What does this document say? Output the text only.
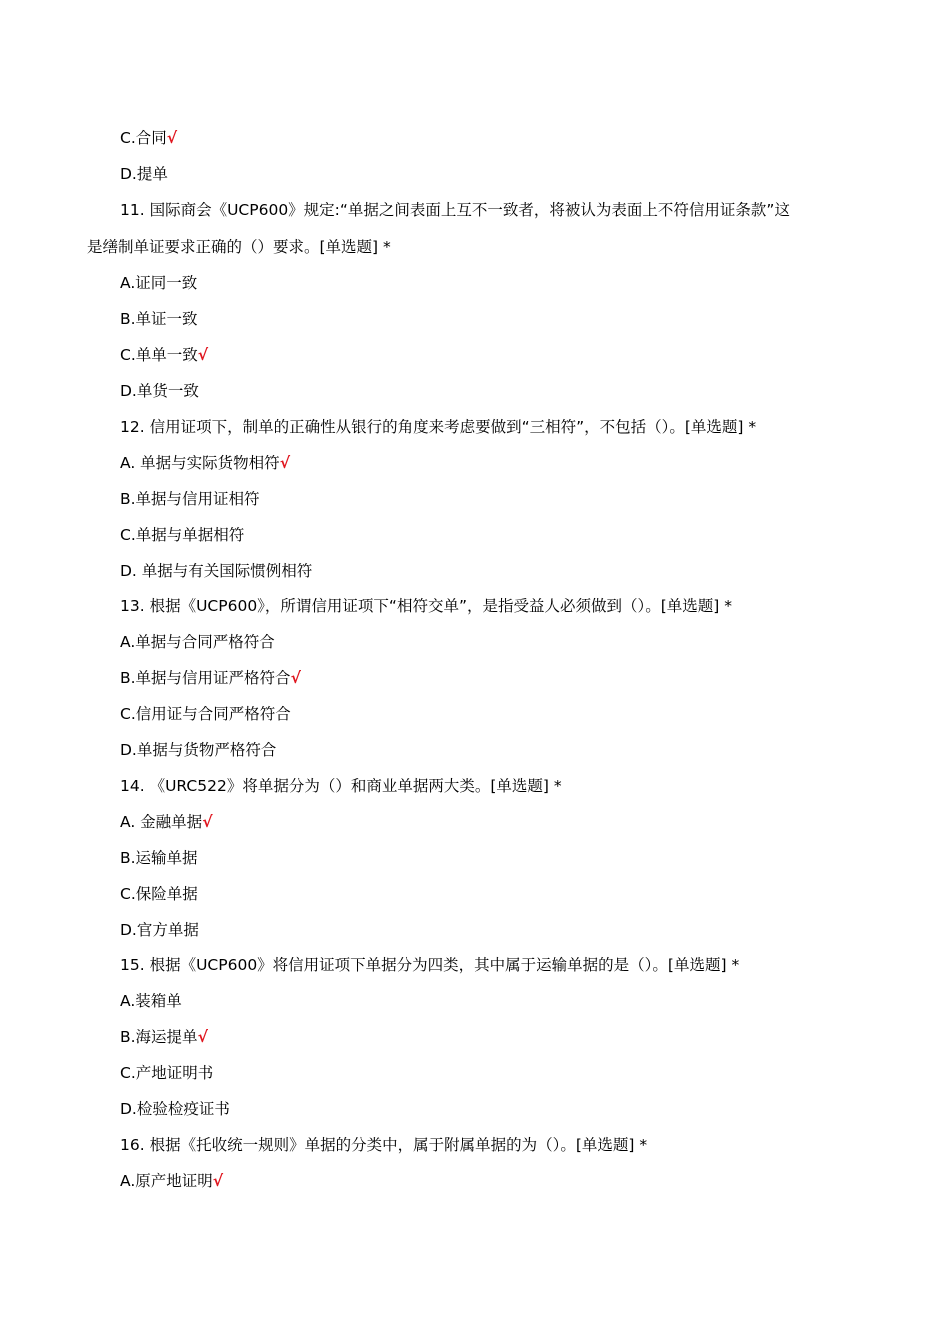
C.合同√
D.提单
11. 国际商会《UCP600》规定:“单据之间表面上互不一致者，将被认为表面上不符信用证条款”这
是缮制单证要求正确的（）要求。[单选题] *
A.证同一致
B.单证一致
C.单单一致√
D.单货一致
12. 信用证项下，制单的正确性从银行的角度来考虑要做到“三相符”，不包括（）。[单选题] *
A. 单据与实际货物相符√
B.单据与信用证相符
C.单据与单据相符
D. 单据与有关国际惯例相符
13. 根据《UCP600》，所谓信用证项下“相符交单”，是指受益人必须做到（）。[单选题] *
A.单据与合同严格符合
B.单据与信用证严格符合√
C.信用证与合同严格符合
D.单据与货物严格符合
14. 《URC522》将单据分为（）和商业单据两大类。[单选题] *
A. 金融单据√
B.运输单据
C.保险单据
D.官方单据
15. 根据《UCP600》将信用证项下单据分为四类，其中属于运输单据的是（）。[单选题] *
A.装箱单
B.海运提单√
C.产地证明书
D.检验检疫证书
16. 根据《托收统一规则》单据的分类中，属于附属单据的为（）。[单选题] *
A.原产地证明√
